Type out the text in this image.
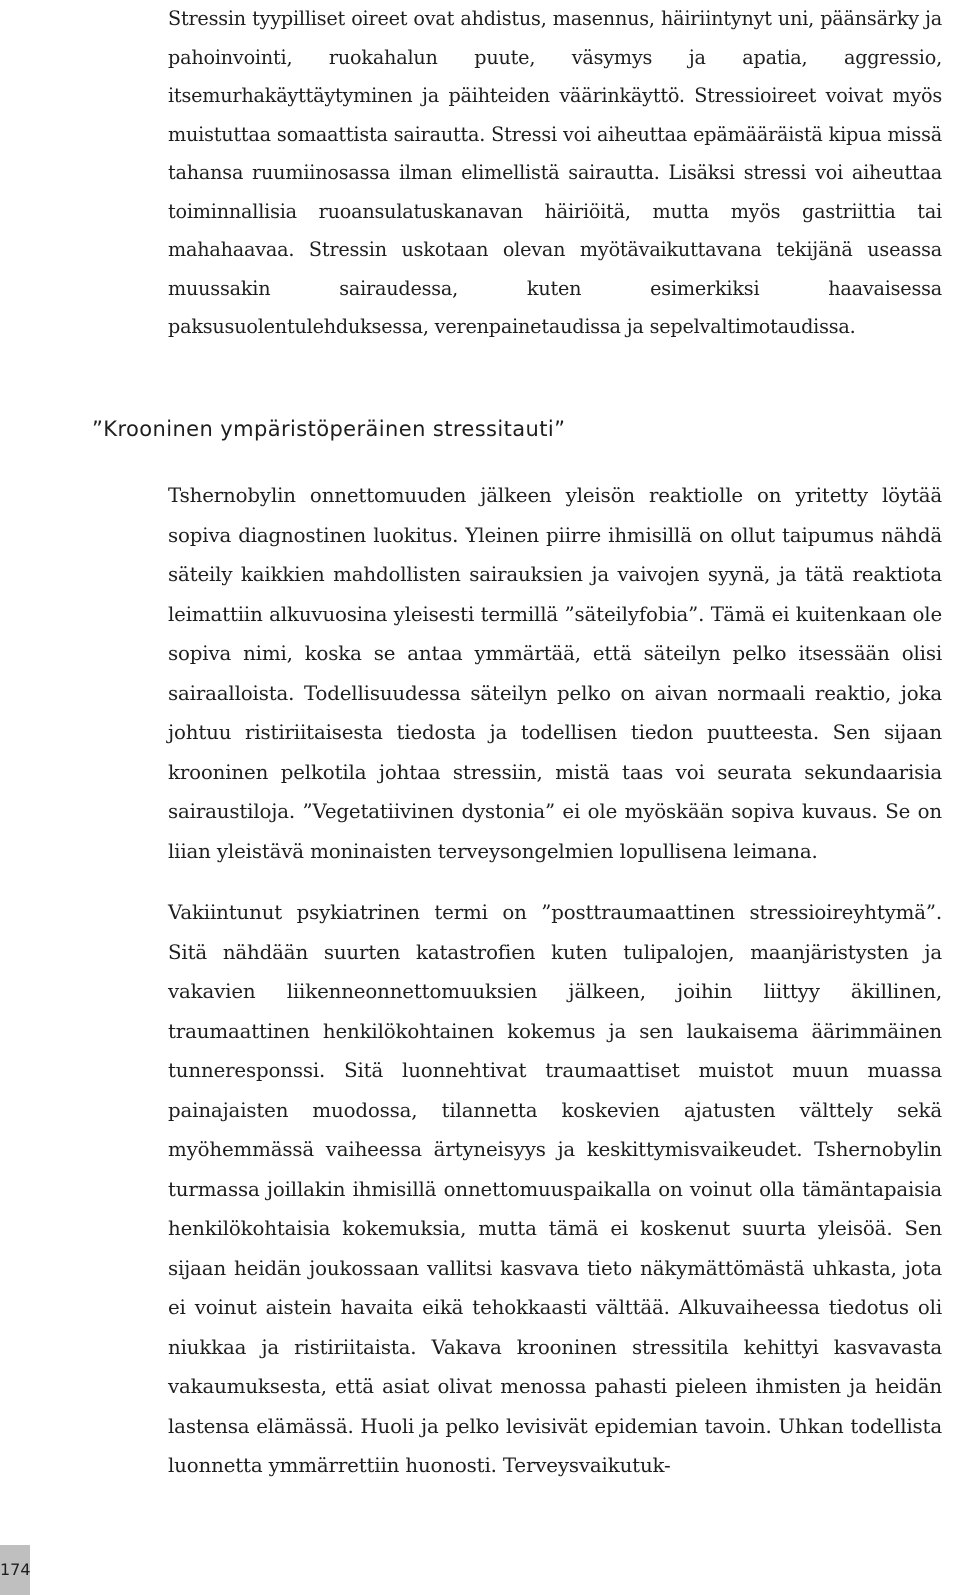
Stressin tyypilliset oireet ovat ahdistus, masennus, häiriintynyt uni, päänsärky ja pahoinvointi, ruokahalun puute, väsymys ja apatia, aggressio, itsemurhakäyttäytyminen ja päihteiden väärinkäyttö. Stressioireet voivat myös muistuttaa somaattista sairautta. Stressi voi aiheuttaa epämääräistä kipua missä tahansa ruumiinosassa ilman elimellistä sairautta. Lisäksi stressi voi aiheuttaa toiminnallisia ruoansulatuskanavan häiriöitä, mutta myös gastriittia tai mahahaavaa. Stressin uskotaan olevan myötävaikuttavana tekijänä useassa muussakin sairaudessa, kuten esimerkiksi haavaisessa paksusuolentulehduksessa, verenpainetaudissa ja sepelvaltimotaudissa.

”Krooninen ympäristöperäinen stressitauti”

Tshernobylin onnettomuuden jälkeen yleisön reaktiolle on yritetty löytää sopiva diagnostinen luokitus. Yleinen piirre ihmisillä on ollut taipumus nähdä säteily kaikkien mahdollisten sairauksien ja vaivojen syynä, ja tätä reaktiota leimattiin alkuvuosina yleisesti termillä ”säteilyfobia”. Tämä ei kuitenkaan ole sopiva nimi, koska se antaa ymmärtää, että säteilyn pelko itsessään olisi sairaalloista. Todellisuudessa säteilyn pelko on aivan normaali reaktio, joka johtuu ristiriitaisesta tiedosta ja todellisen tiedon puutteesta. Sen sijaan krooninen pelkotila johtaa stressiin, mistä taas voi seurata sekundaarisia sairaustiloja. ”Vegetatiivinen dystonia” ei ole myöskään sopiva kuvaus. Se on liian yleistävä moninaisten terveysongelmien lopullisena leimana.

Vakiintunut psykiatrinen termi on ”posttraumaattinen stressioireyhtymä”. Sitä nähdään suurten katastrofien kuten tulipalojen, maanjäristysten ja vakavien liikenneonnettomuuksien jälkeen, joihin liittyy äkillinen, traumaattinen henkilökohtainen kokemus ja sen laukaisema äärimmäinen tunneresponssi. Sitä luonnehtivat traumaattiset muistot muun muassa painajaisten muodossa, tilannetta koskevien ajatusten välttely sekä myöhemmässä vaiheessa ärtyneisyys ja keskittymisvaikeudet. Tshernobylin turmassa joillakin ihmisillä onnettomuuspaikalla on voinut olla tämäntapaisia henkilökohtaisia kokemuksia, mutta tämä ei koskenut suurta yleisöä. Sen sijaan heidän joukossaan vallitsi kasvava tieto näkymättömästä uhkasta, jota ei voinut aistein havaita eikä tehokkaasti välttää. Alkuvaiheessa tiedotus oli niukkaa ja ristiriitaista. Vakava krooninen stressitila kehittyi kasvavasta vakaumuksesta, että asiat olivat menossa pahasti pieleen ihmisten ja heidän lastensa elämässä. Huoli ja pelko levisivät epidemian tavoin. Uhkan todellista luonnetta ymmärrettiin huonosti. Terveysvaikutuk-

174
